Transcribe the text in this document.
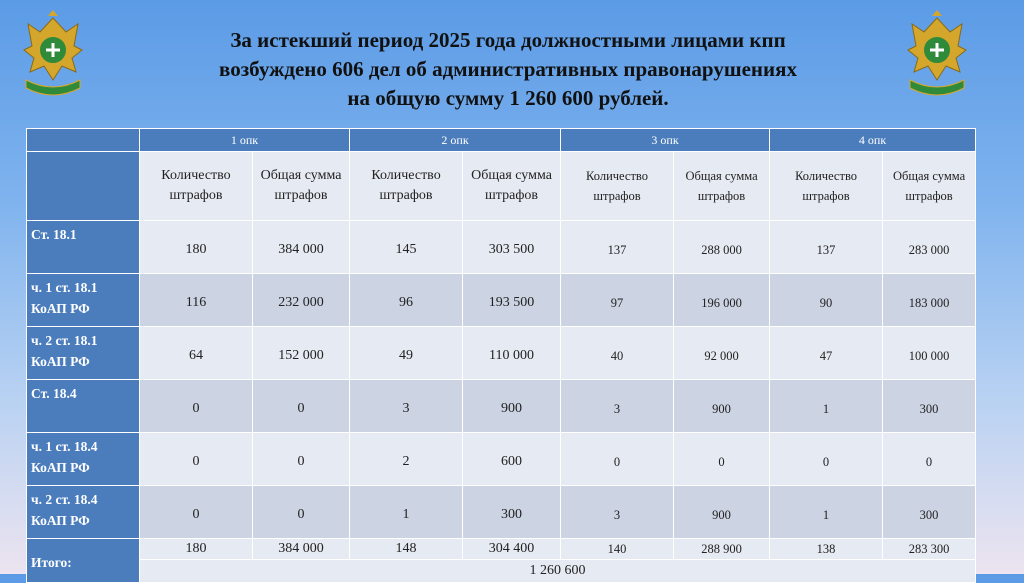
За истекший период 2025 года должностными лицами кпп
возбуждено 606 дел об административных правонарушениях
на общую сумму 1 260 600 рублей.
	1 опк		2 опк		3 опк		4 опк	
	Количество штрафов	Общая сумма штрафов	Количество штрафов	Общая сумма штрафов	Количество штрафов	Общая сумма штрафов	Количество штрафов	Общая сумма штрафов
Ст. 18.1	180	384 000	145	303 500	137	288 000	137	283 000
ч. 1 ст. 18.1 КоАП РФ	116	232 000	96	193 500	97	196 000	90	183 000
ч. 2 ст. 18.1 КоАП РФ	64	152 000	49	110 000	40	92 000	47	100 000
Ст. 18.4	0	0	3	900	3	900	1	300
ч. 1 ст. 18.4 КоАП РФ	0	0	2	600	0	0	0	0
ч. 2 ст. 18.4 КоАП РФ	0	0	1	300	3	900	1	300
Итого:	180	384 000	148	304 400	140	288 900	138	283 300
	1 260 600							
